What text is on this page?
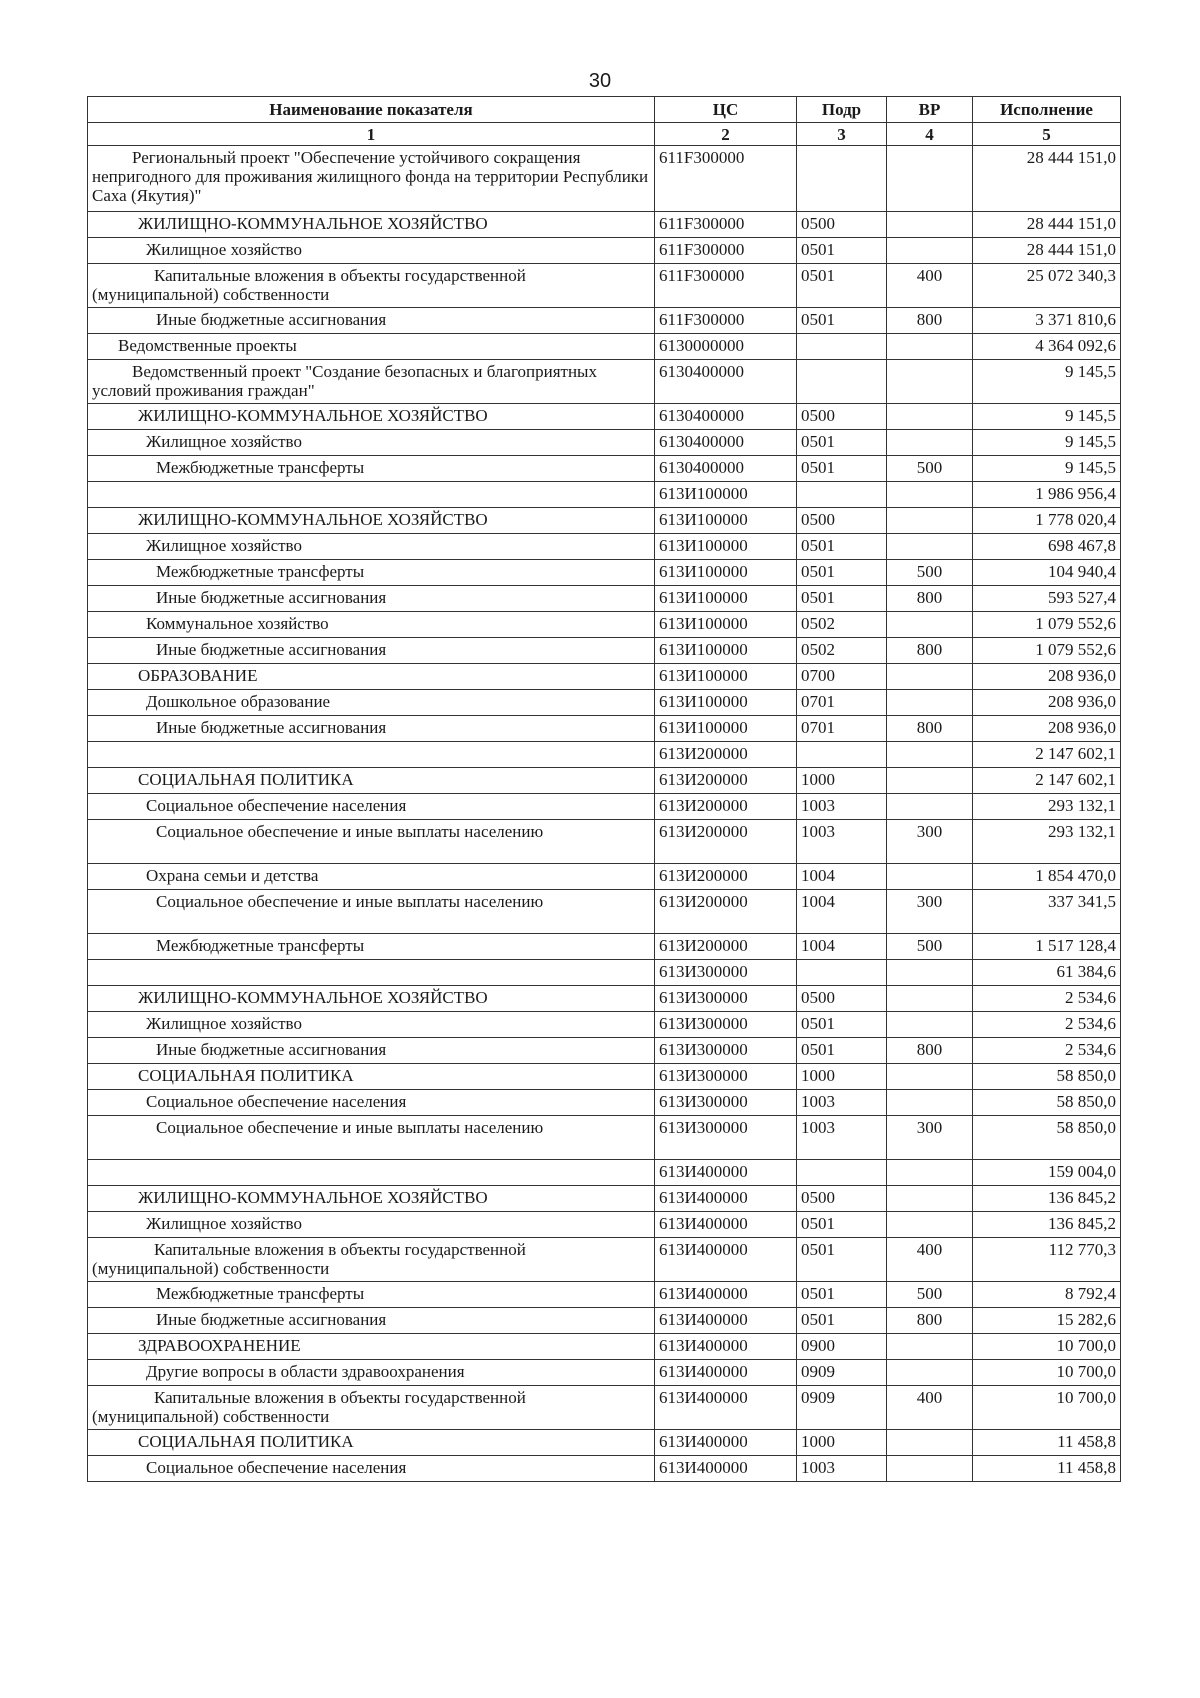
30
Наименование показателя	ЦС	Подр	ВР	Исполнение
1	2	3	4	5
Региональный проект "Обеспечение устойчивого сокращения непригодного для проживания жилищного фонда на территории Республики Саха (Якутия)"	611F300000			28 444 151,0
ЖИЛИЩНО-КОММУНАЛЬНОЕ ХОЗЯЙСТВО	611F300000	0500		28 444 151,0
Жилищное хозяйство	611F300000	0501		28 444 151,0
Капитальные вложения в объекты государственной (муниципальной) собственности	611F300000	0501	400	25 072 340,3
Иные бюджетные ассигнования	611F300000	0501	800	3 371 810,6
Ведомственные проекты	6130000000			4 364 092,6
Ведомственный проект "Создание безопасных и благоприятных условий проживания граждан"	6130400000			9 145,5
ЖИЛИЩНО-КОММУНАЛЬНОЕ ХОЗЯЙСТВО	6130400000	0500		9 145,5
Жилищное хозяйство	6130400000	0501		9 145,5
Межбюджетные трансферты	6130400000	0501	500	9 145,5
	613И100000			1 986 956,4
ЖИЛИЩНО-КОММУНАЛЬНОЕ ХОЗЯЙСТВО	613И100000	0500		1 778 020,4
Жилищное хозяйство	613И100000	0501		698 467,8
Межбюджетные трансферты	613И100000	0501	500	104 940,4
Иные бюджетные ассигнования	613И100000	0501	800	593 527,4
Коммунальное хозяйство	613И100000	0502		1 079 552,6
Иные бюджетные ассигнования	613И100000	0502	800	1 079 552,6
ОБРАЗОВАНИЕ	613И100000	0700		208 936,0
Дошкольное образование	613И100000	0701		208 936,0
Иные бюджетные ассигнования	613И100000	0701	800	208 936,0
	613И200000			2 147 602,1
СОЦИАЛЬНАЯ ПОЛИТИКА	613И200000	1000		2 147 602,1
Социальное обеспечение населения	613И200000	1003		293 132,1
Социальное обеспечение и иные выплаты населению	613И200000	1003	300	293 132,1
Охрана семьи и детства	613И200000	1004		1 854 470,0
Социальное обеспечение и иные выплаты населению	613И200000	1004	300	337 341,5
Межбюджетные трансферты	613И200000	1004	500	1 517 128,4
	613И300000			61 384,6
ЖИЛИЩНО-КОММУНАЛЬНОЕ ХОЗЯЙСТВО	613И300000	0500		2 534,6
Жилищное хозяйство	613И300000	0501		2 534,6
Иные бюджетные ассигнования	613И300000	0501	800	2 534,6
СОЦИАЛЬНАЯ ПОЛИТИКА	613И300000	1000		58 850,0
Социальное обеспечение населения	613И300000	1003		58 850,0
Социальное обеспечение и иные выплаты населению	613И300000	1003	300	58 850,0
	613И400000			159 004,0
ЖИЛИЩНО-КОММУНАЛЬНОЕ ХОЗЯЙСТВО	613И400000	0500		136 845,2
Жилищное хозяйство	613И400000	0501		136 845,2
Капитальные вложения в объекты государственной (муниципальной) собственности	613И400000	0501	400	112 770,3
Межбюджетные трансферты	613И400000	0501	500	8 792,4
Иные бюджетные ассигнования	613И400000	0501	800	15 282,6
ЗДРАВООХРАНЕНИЕ	613И400000	0900		10 700,0
Другие вопросы в области здравоохранения	613И400000	0909		10 700,0
Капитальные вложения в объекты государственной (муниципальной) собственности	613И400000	0909	400	10 700,0
СОЦИАЛЬНАЯ ПОЛИТИКА	613И400000	1000		11 458,8
Социальное обеспечение населения	613И400000	1003		11 458,8
